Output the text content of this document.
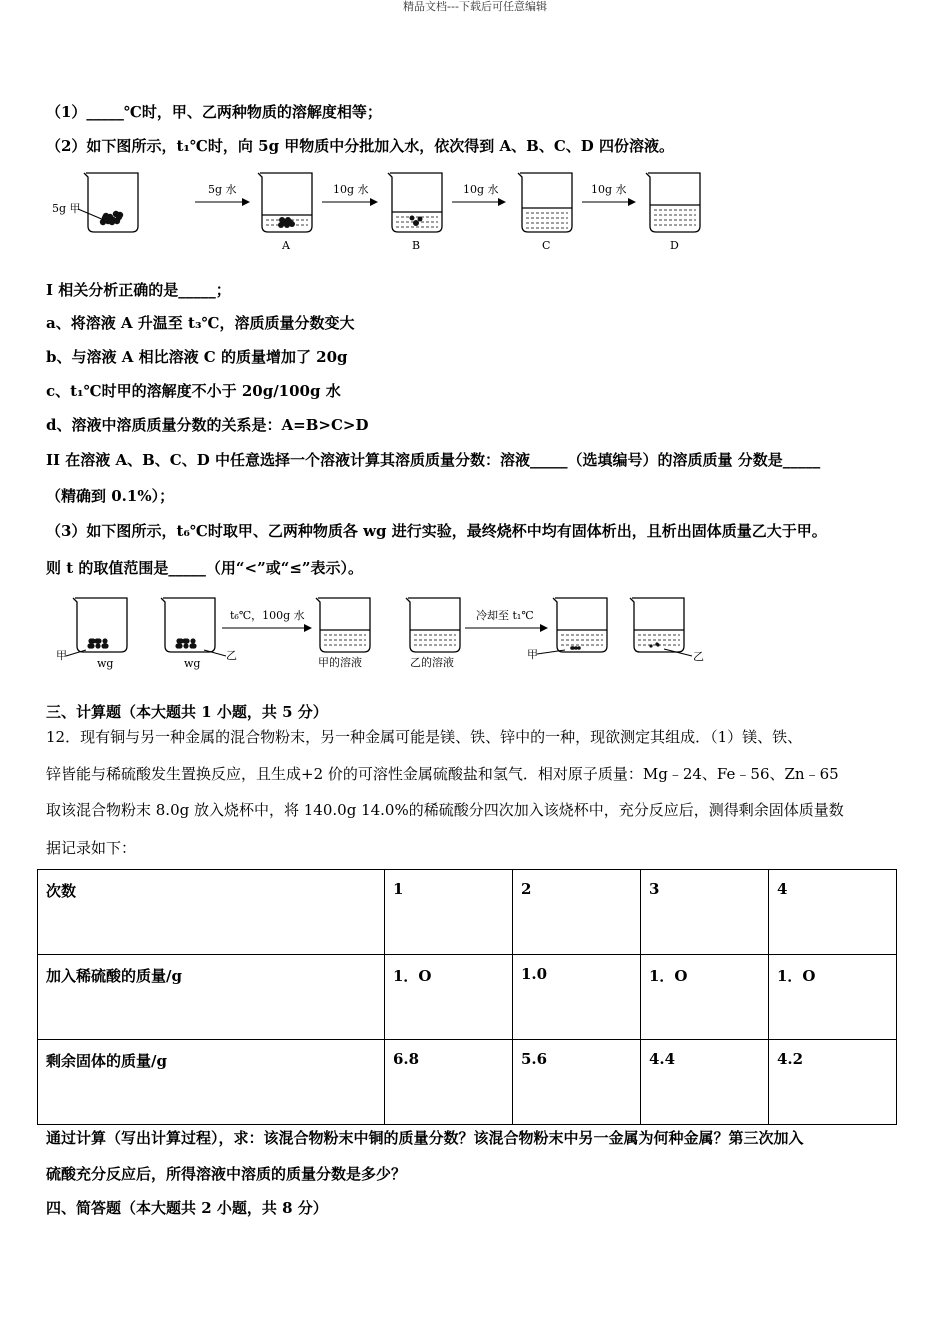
精品文档---下载后可任意编辑
（1）_____℃时，甲、乙两种物质的溶解度相等；
（2）如下图所示，t₁℃时，向 5g 甲物质中分批加入水，依次得到 A、B、C、D 四份溶液。
5g 甲
5g 水	10g 水	10g 水	10g 水
A	B	C	D
I 相关分析正确的是_____；
a、将溶液 A 升温至 t₃℃，溶质质量分数变大
b、与溶液 A 相比溶液 C 的质量增加了 20g
c、t₁℃时甲的溶解度不小于 20g/100g 水
d、溶液中溶质质量分数的关系是：A=B>C>D
II 在溶液 A、B、C、D 中任意选择一个溶液计算其溶质质量分数：溶液_____（选填编号）的溶质质量 分数是_____
（精确到 0.1%）；
（3）如下图所示，t₆℃时取甲、乙两种物质各 wg 进行实验，最终烧杯中均有固体析出，且析出固体质量乙大于甲。
则 t 的取值范围是_____（用“<”或“≤”表示）。
甲
wg	wg
乙
t₆℃，100g 水
甲的溶液	乙的溶液
冷却至 t₁℃
甲	乙
三、计算题（本大题共 1 小题，共 5 分）
12．现有铜与另一种金属的混合物粉末，另一种金属可能是镁、铁、锌中的一种，现欲测定其组成．（1）镁、铁、
锌皆能与稀硫酸发生置换反应，且生成+2 价的可溶性金属硫酸盐和氢气．相对原子质量：Mg﹣24、Fe﹣56、Zn﹣65
取该混合物粉末 8.0g 放入烧杯中，将 140.0g 14.0%的稀硫酸分四次加入该烧杯中，充分反应后，测得剩余固体质量数
据记录如下：
次数	1	2	3	4
加入稀硫酸的质量/g	1．O	1.0	1．O	1．O
剩余固体的质量/g	6.8	5.6	4.4	4.2
通过计算（写出计算过程），求：该混合物粉末中铜的质量分数？该混合物粉末中另一金属为何种金属？第三次加入
硫酸充分反应后，所得溶液中溶质的质量分数是多少？
四、简答题（本大题共 2 小题，共 8 分）
